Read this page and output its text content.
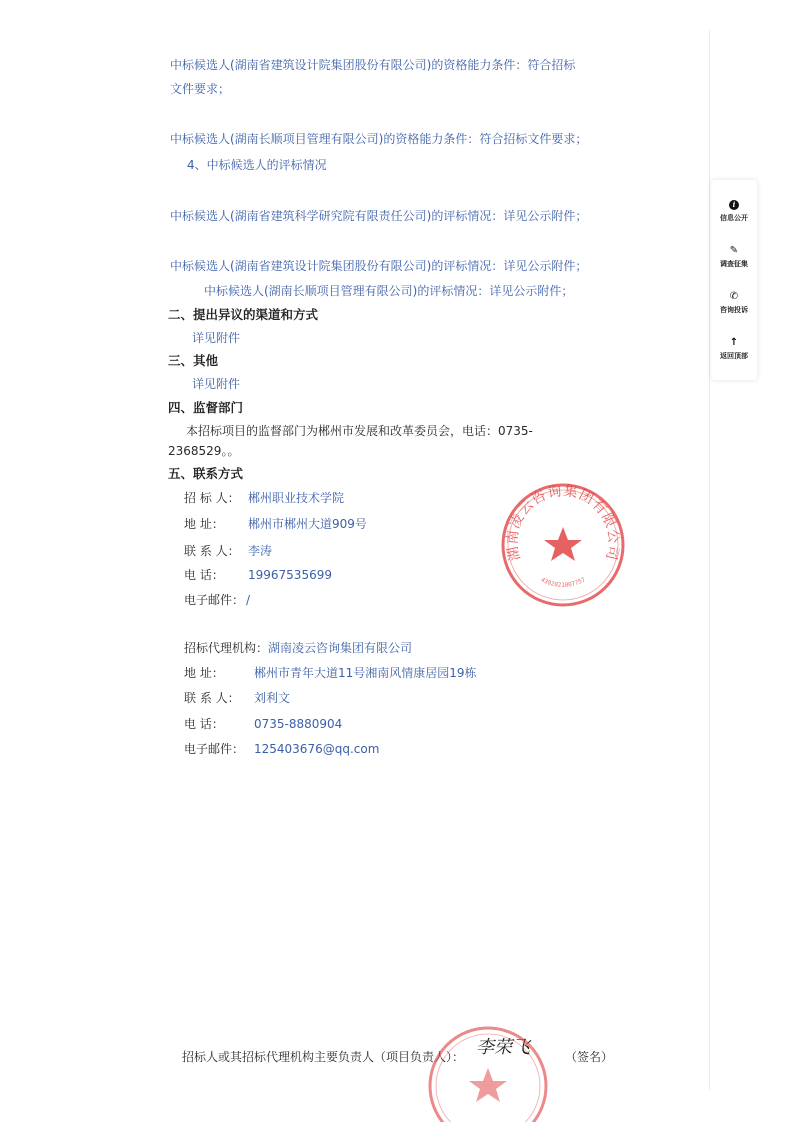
中标候选人(湖南省建筑设计院集团股份有限公司)的资格能力条件：符合招标
文件要求；
中标候选人(湖南长顺项目管理有限公司)的资格能力条件：符合招标文件要求；
4、中标候选人的评标情况
中标候选人(湖南省建筑科学研究院有限责任公司)的评标情况：详见公示附件；
中标候选人(湖南省建筑设计院集团股份有限公司)的评标情况：详见公示附件；
中标候选人(湖南长顺项目管理有限公司)的评标情况：详见公示附件；
二、提出异议的渠道和方式
详见附件
三、其他
详见附件
四、监督部门
本招标项目的监督部门为郴州市发展和改革委员会，电话：0735-
2368529。。
五、联系方式
招 标 人： 郴州职业技术学院
地 址： 郴州市郴州大道909号
联 系 人： 李涛
电 话： 19967535699
电子邮件： /
招标代理机构： 湖南凌云咨询集团有限公司
地 址：	郴州市青年大道11号湘南风情康居园19栋
联 系 人： 刘利文
电 话：	0735-8880904
电子邮件： 125403676@qq.com
湖南凌云咨询集团有限公司
4302021007757
招标人或其招标代理机构主要负责人（项目负责人）： 李荣飞	（签名）
i
信息公开
✎
调查征集
✆
咨询投诉
↑
返回顶部
